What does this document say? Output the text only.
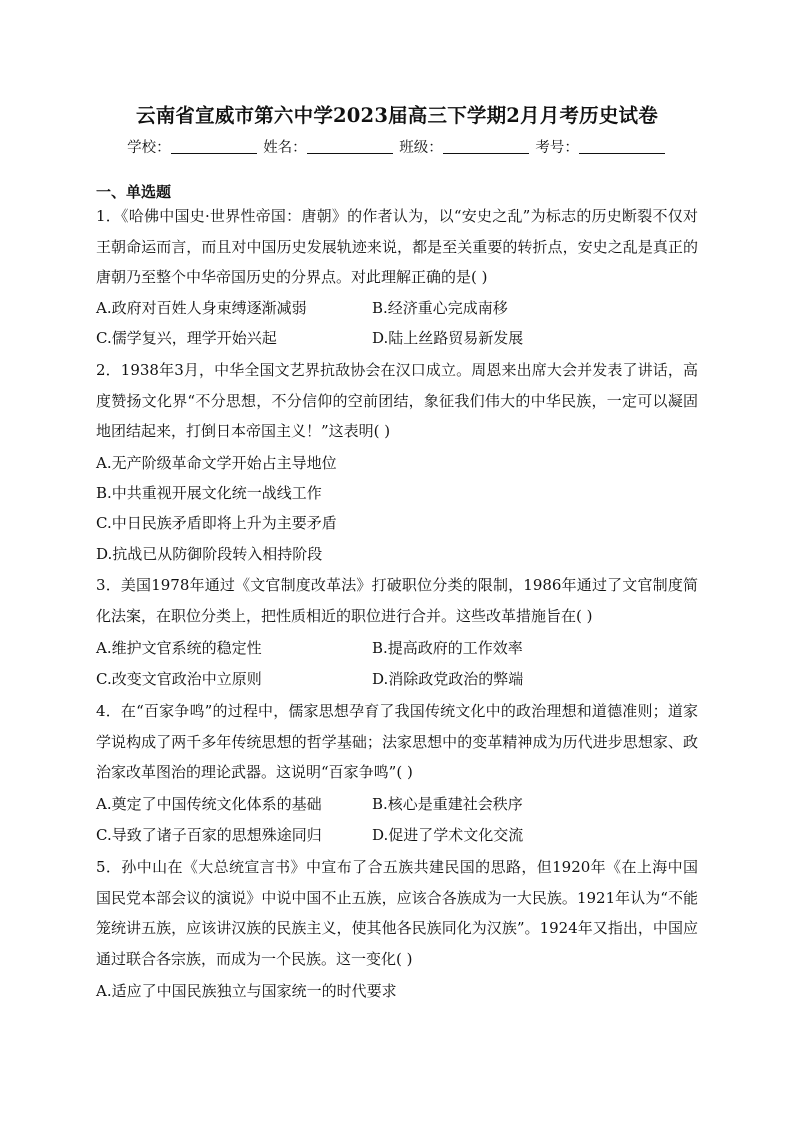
云南省宣威市第六中学2023届高三下学期2月月考历史试卷
学校：	姓名：	班级：	考号：
一、单选题
1．《哈佛中国史·世界性帝国：唐朝》的作者认为，以“安史之乱”为标志的历史断裂不仅对王朝命运而言，而且对中国历史发展轨迹来说，都是至关重要的转折点，安史之乱是真正的唐朝乃至整个中华帝国历史的分界点。对此理解正确的是( )
A.政府对百姓人身束缚逐渐减弱	B.经济重心完成南移
C.儒学复兴，理学开始兴起	D.陆上丝路贸易新发展
2．1938年3月，中华全国文艺界抗敌协会在汉口成立。周恩来出席大会并发表了讲话，高度赞扬文化界“不分思想，不分信仰的空前团结，象征我们伟大的中华民族，一定可以凝固地团结起来，打倒日本帝国主义！”这表明( )
A.无产阶级革命文学开始占主导地位
B.中共重视开展文化统一战线工作
C.中日民族矛盾即将上升为主要矛盾
D.抗战已从防御阶段转入相持阶段
3．美国1978年通过《文官制度改革法》打破职位分类的限制，1986年通过了文官制度简化法案，在职位分类上，把性质相近的职位进行合并。这些改革措施旨在( )
A.维护文官系统的稳定性	B.提高政府的工作效率
C.改变文官政治中立原则	D.消除政党政治的弊端
4．在“百家争鸣”的过程中，儒家思想孕育了我国传统文化中的政治理想和道德准则；道家学说构成了两千多年传统思想的哲学基础；法家思想中的变革精神成为历代进步思想家、政治家改革图治的理论武器。这说明“百家争鸣”( )
A.奠定了中国传统文化体系的基础	B.核心是重建社会秩序
C.导致了诸子百家的思想殊途同归	D.促进了学术文化交流
5．孙中山在《大总统宣言书》中宣布了合五族共建民国的思路，但1920年《在上海中国国民党本部会议的演说》中说中国不止五族，应该合各族成为一大民族。1921年认为“不能笼统讲五族，应该讲汉族的民族主义，使其他各民族同化为汉族”。1924年又指出，中国应通过联合各宗族，而成为一个民族。这一变化( )
A.适应了中国民族独立与国家统一的时代要求
